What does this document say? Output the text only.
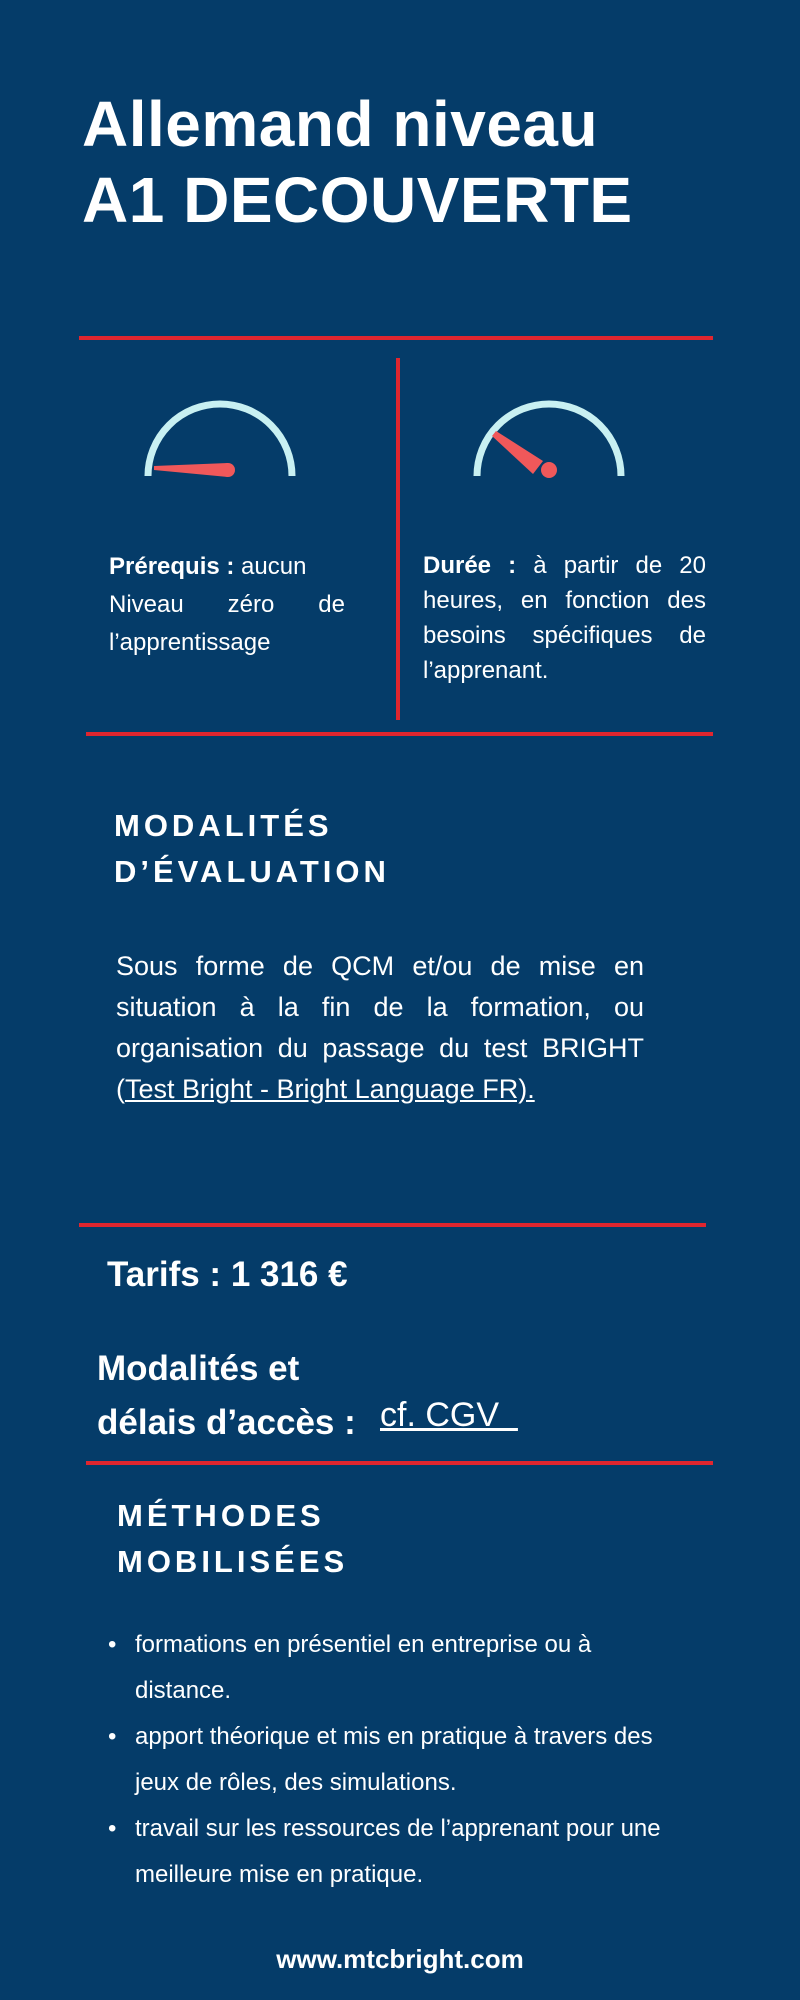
Allemand niveau
A1 DECOUVERTE
Prérequis : aucun
Niveau zéro de l’apprentissage
Durée : à partir de 20 heures, en fonction des besoins spécifiques de l’apprenant.
MODALITÉS
D’ÉVALUATION
Sous forme de QCM et/ou de mise en situation à la fin de la formation, ou organisation du passage du test BRIGHT (Test Bright - Bright Language FR).
Tarifs : 1 316 €
Modalités et
délais d’accès : cf. CGV
MÉTHODES
MOBILISÉES
• formations en présentiel en entreprise ou à distance.
• apport théorique et mis en pratique à travers des jeux de rôles, des simulations.
• travail sur les ressources de l’apprenant pour une meilleure mise en pratique.
www.mtcbright.com
